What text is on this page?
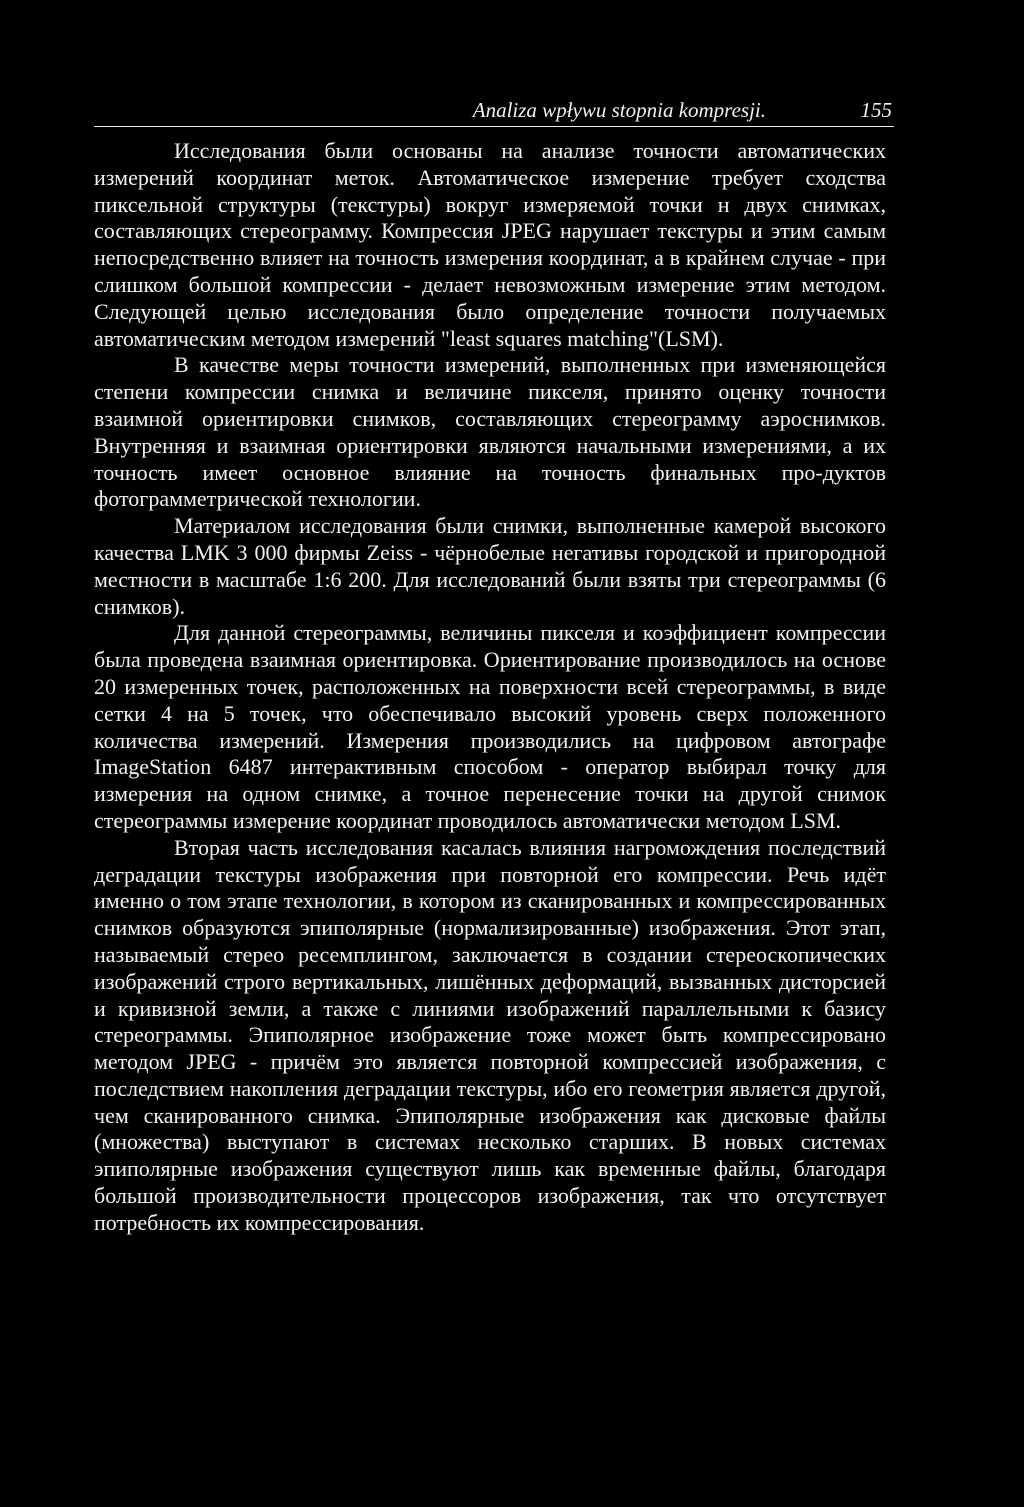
Analiza wpływu stopnia kompresji.	155

Исследования были основаны на анализе точности автоматических измерений координат меток. Автоматическое измерение требует сходства пиксельной структуры (текстуры) вокруг измеряемой точки н двух снимках, составляющих стереограмму. Компрессия JPEG нарушает текстуры и этим самым непосредственно влияет на точность измерения координат, а в крайнем случае - при слишком большой компрессии - делает невозможным измерение этим методом. Следующей целью исследования было определение точности получаемых автоматическим методом измерений "least squares matching"(LSM).

В качестве меры точности измерений, выполненных при изменяющейся степени компрессии снимка и величине пикселя, принято оценку точности взаимной ориентировки снимков, составляющих стереограмму аэроснимков. Внутренняя и взаимная ориентировки являются начальными измерениями, а их точность имеет основное влияние на точность финальных про-дуктов фотограмметрической технологии.

Материалом исследования были снимки, выполненные камерой высокого качества LMK 3 000 фирмы Zeiss - чёрнобелые негативы городской и пригородной местности в масштабе 1:6 200. Для исследований были взяты три стереограммы (6 снимков).

Для данной стереограммы, величины пикселя и коэффициент компрессии была проведена взаимная ориентировка. Ориентирование производилось на основе 20 измеренных точек, расположенных на поверхности всей стереограммы, в виде сетки 4 на 5 точек, что обеспечивало высокий уровень сверх положенного количества измерений. Измерения производились на цифровом автографе ImageStation 6487 интерактивным способом - оператор выбирал точку для измерения на одном снимке, а точное перенесение точки на другой снимок стереограммы измерение координат проводилось автоматически методом LSM.

Вторая часть исследования касалась влияния нагромождения последствий деградации текстуры изображения при повторной его компрессии. Речь идёт именно о том этапе технологии, в котором из сканированных и компрессированных снимков образуются эпиполярные (нормализированные) изображения. Этот этап, называемый стерео ресемплингом, заключается в создании стереоскопических изображений строго вертикальных, лишённых деформаций, вызванных дисторсией и кривизной земли, а также с линиями изображений параллельными к базису стереограммы. Эпиполярное изображение тоже может быть компрессировано методом JPEG - причём это является повторной компрессией изображения, с последствием накопления деградации текстуры, ибо его геометрия является другой, чем сканированного снимка. Эпиполярные изображения как дисковые файлы (множества) выступают в системах несколько старших. В новых системах эпиполярные изображения существуют лишь как временные файлы, благодаря большой производительности процессоров изображения, так что отсутствует потребность их компрессирования.
